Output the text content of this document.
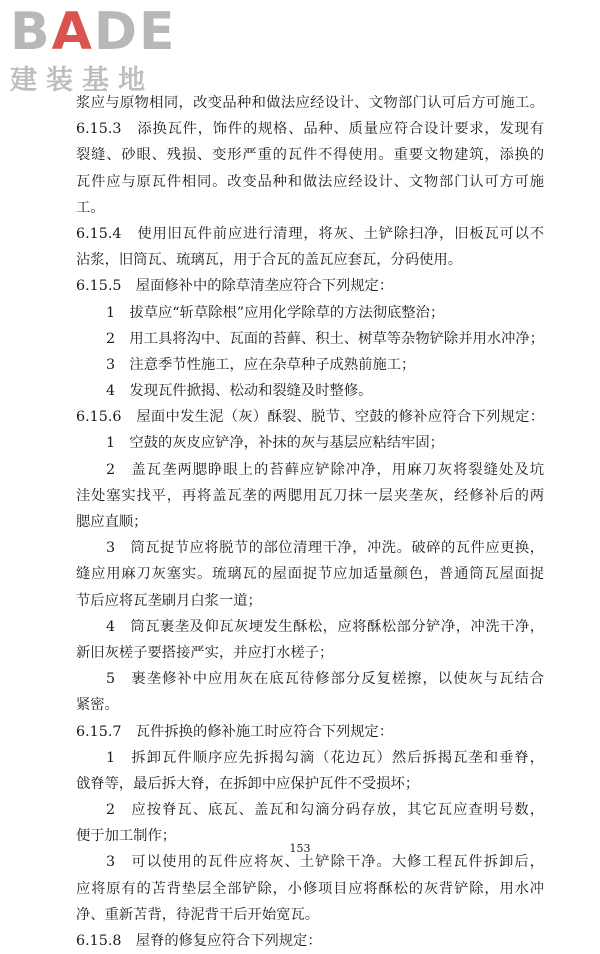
BADE
建装基地
浆应与原物相同，改变品种和做法应经设计、文物部门认可后方可施工。
6.15.3　添换瓦件，饰件的规格、品种、质量应符合设计要求，发现有
裂缝、砂眼、残损、变形严重的瓦件不得使用。重要文物建筑，添换的
瓦件应与原瓦件相同。改变品种和做法应经设计、文物部门认可方可施
工。
6.15.4　使用旧瓦件前应进行清理，将灰、土铲除扫净，旧板瓦可以不
沾浆，旧筒瓦、琉璃瓦，用于合瓦的盖瓦应套瓦，分码使用。
6.15.5　屋面修补中的除草清垄应符合下列规定：
1　拔草应“斩草除根”应用化学除草的方法彻底整治；
2　用工具将沟中、瓦面的苔藓、积土、树草等杂物铲除并用水冲净；
3　注意季节性施工，应在杂草种子成熟前施工；
4　发现瓦件掀揭、松动和裂缝及时整修。
6.15.6　屋面中发生泥（灰）酥裂、脱节、空鼓的修补应符合下列规定：
1　空鼓的灰皮应铲净，补抹的灰与基层应粘结牢固；
2　盖瓦垄两腮睁眼上的苔藓应铲除冲净，用麻刀灰将裂缝处及坑
洼处塞实找平，再将盖瓦垄的两腮用瓦刀抹一层夹垄灰，经修补后的两
腮应直顺；
3　筒瓦捉节应将脱节的部位清理干净，冲洗。破碎的瓦件应更换，
缝应用麻刀灰塞实。琉璃瓦的屋面捉节应加适量颜色，普通筒瓦屋面捉
节后应将瓦垄刷月白浆一道；
4　筒瓦裹垄及仰瓦灰埂发生酥松，应将酥松部分铲净，冲洗干净，
新旧灰槎子要搭接严实，并应打水槎子；
5　裹垄修补中应用灰在底瓦待修部分反复槎擦，以使灰与瓦结合
紧密。
6.15.7　瓦件拆换的修补施工时应符合下列规定：
1　拆卸瓦件顺序应先拆揭勾滴（花边瓦）然后拆揭瓦垄和垂脊，
戗脊等，最后拆大脊，在拆卸中应保护瓦件不受损坏；
2　应按脊瓦、底瓦、盖瓦和勾滴分码存放，其它瓦应查明号数，
便于加工制作；
3　可以使用的瓦件应将灰、土铲除干净。大修工程瓦件拆卸后，
应将原有的苫背垫层全部铲除，小修项目应将酥松的灰背铲除，用水冲
净、重新苫背，待泥背干后开始宽瓦。
6.15.8　屋脊的修复应符合下列规定：
153
